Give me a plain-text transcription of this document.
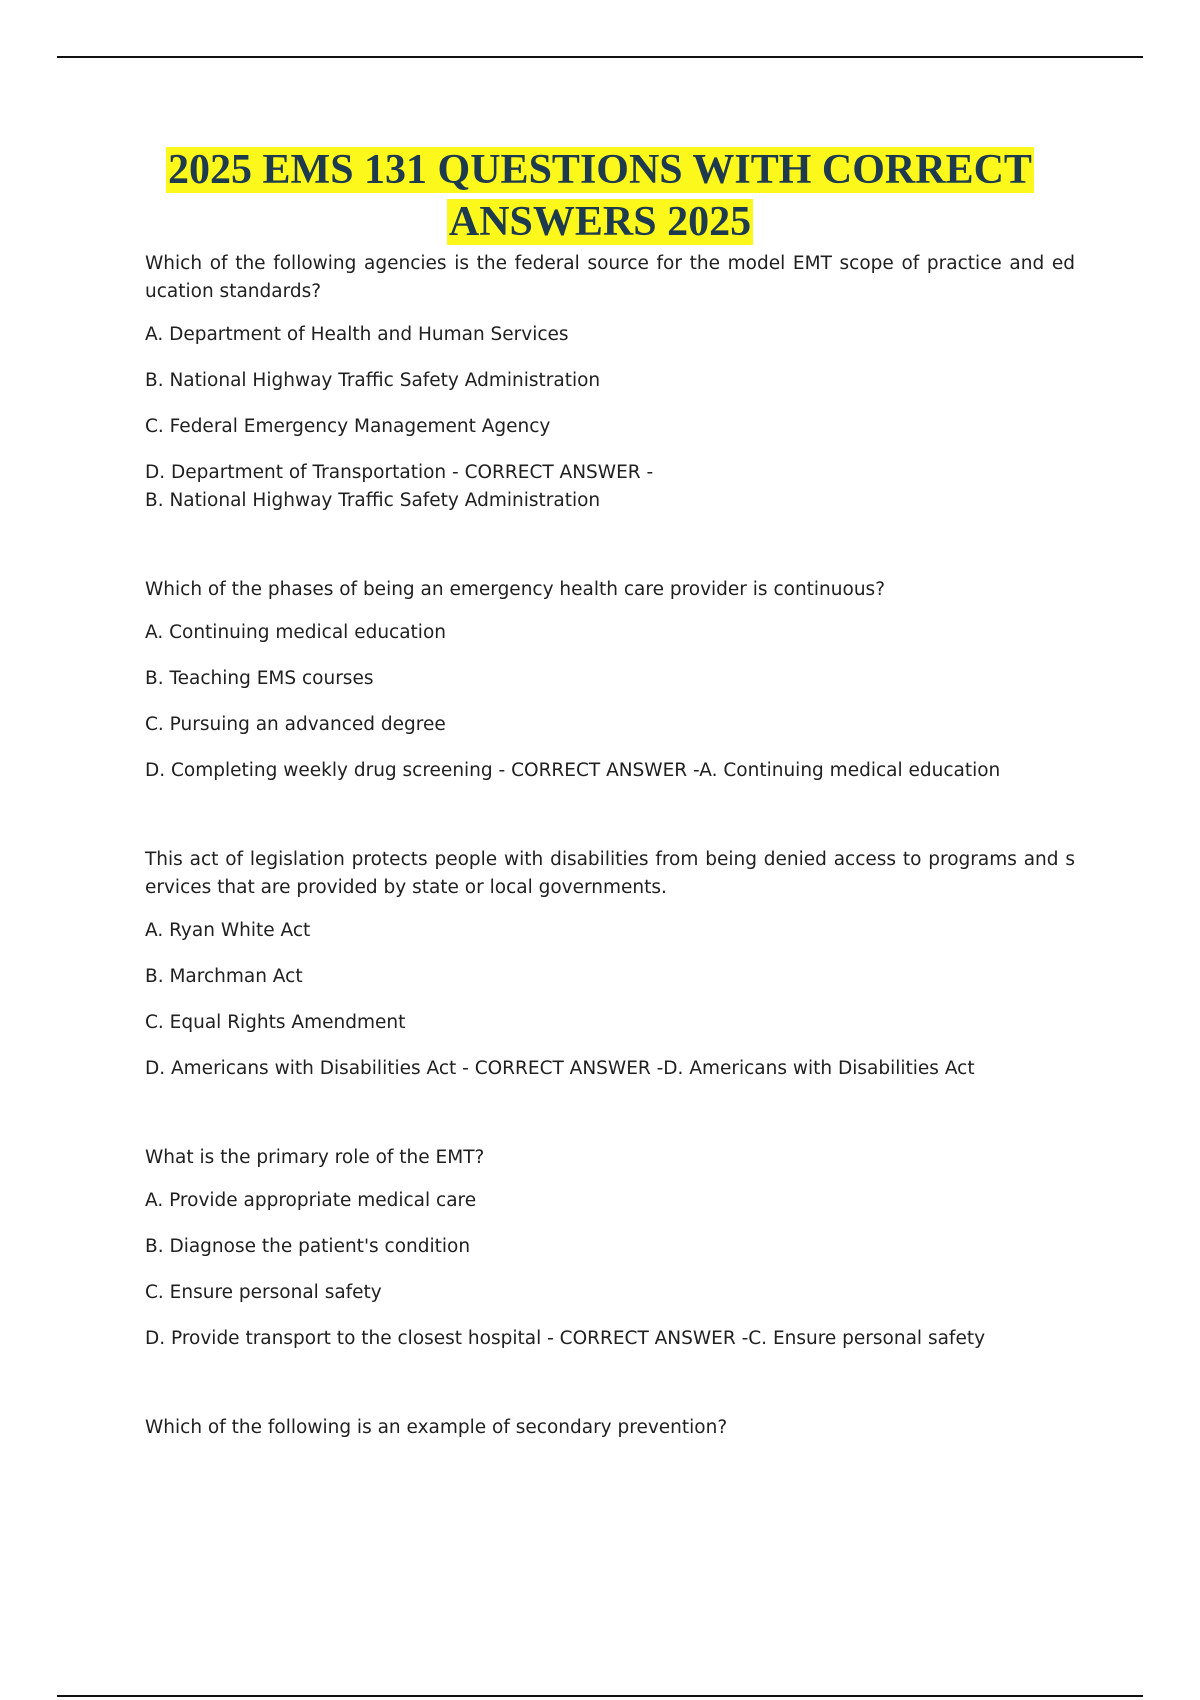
2025 EMS 131 QUESTIONS WITH CORRECT
ANSWERS 2025

Which of the following agencies is the federal source for the model EMT scope of practice and ed ucation standards?

A. Department of Health and Human Services

B. National Highway Traffic Safety Administration

C. Federal Emergency Management Agency

D. Department of Transportation - CORRECT ANSWER -

B. National Highway Traffic Safety Administration

Which of the phases of being an emergency health care provider is continuous?

A. Continuing medical education

B. Teaching EMS courses

C. Pursuing an advanced degree

D. Completing weekly drug screening - CORRECT ANSWER -A. Continuing medical education

This act of legislation protects people with disabilities from being denied access to programs and s ervices that are provided by state or local governments.

A. Ryan White Act

B. Marchman Act

C. Equal Rights Amendment

D. Americans with Disabilities Act - CORRECT ANSWER -D. Americans with Disabilities Act

What is the primary role of the EMT?

A. Provide appropriate medical care

B. Diagnose the patient's condition

C. Ensure personal safety

D. Provide transport to the closest hospital - CORRECT ANSWER -C. Ensure personal safety

Which of the following is an example of secondary prevention?
